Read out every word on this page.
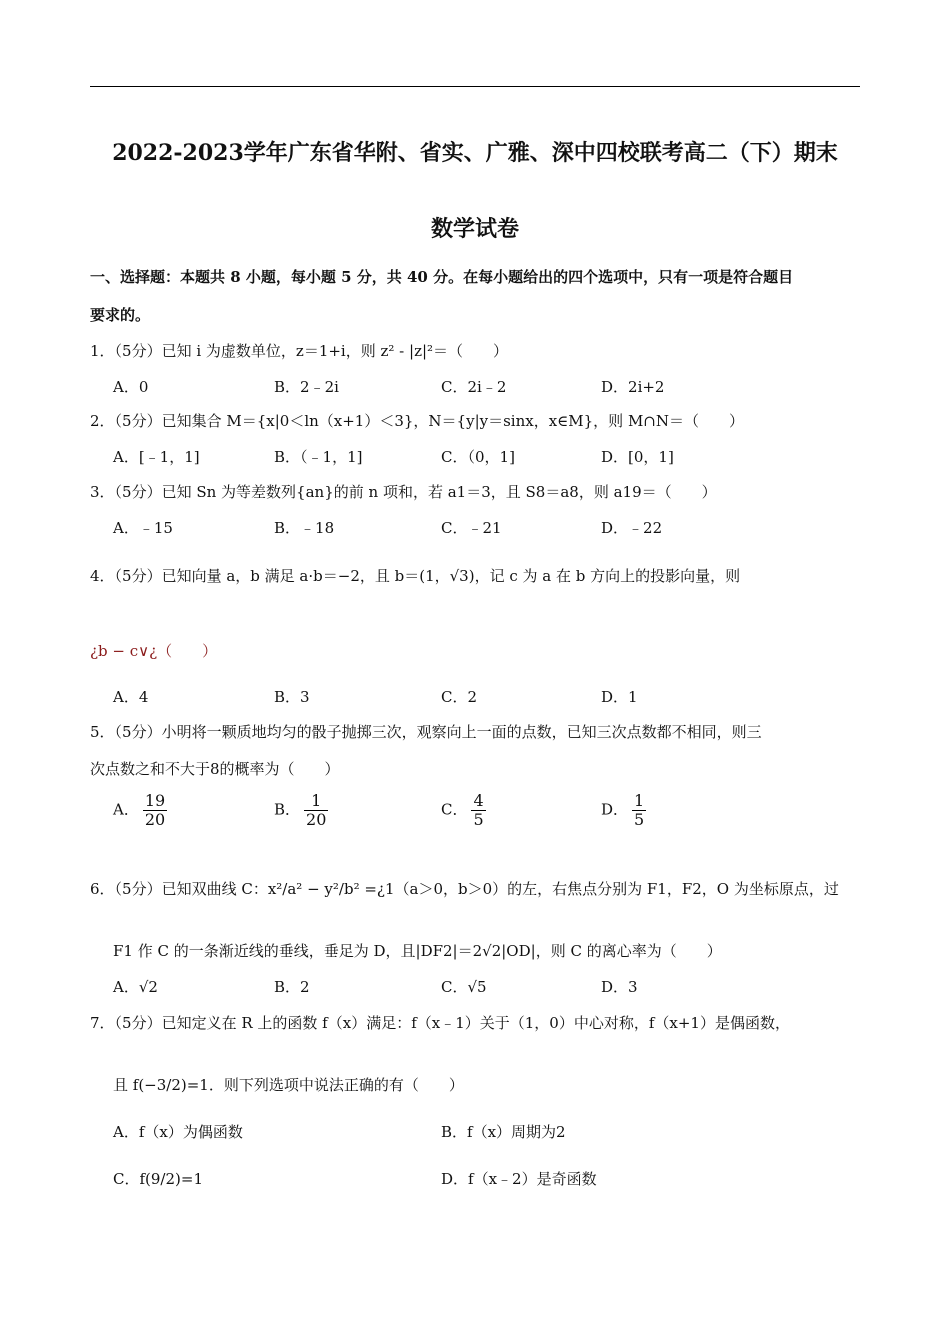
2022-2023学年广东省华附、省实、广雅、深中四校联考高二（下）期末
数学试卷
一、选择题：本题共 8 小题，每小题 5 分，共 40 分。在每小题给出的四个选项中，只有一项是符合题目
要求的。
1．（5分）已知 i 为虚数单位，z＝1+i，则 z² ‑ |z|²＝（　　）
A．0	B．2﹣2i	C．2i﹣2	D．2i+2
2．（5分）已知集合 M＝{x|0＜ln（x+1）＜3}，N＝{y|y＝sinx，x∈M}，则 M∩N＝（　　）
A．[﹣1，1]	B．（﹣1，1]	C．（0，1]	D．[0，1]
3．（5分）已知 Sn 为等差数列{an}的前 n 项和，若 a1＝3，且 S8＝a8，则 a19＝（　　）
A．﹣15	B．﹣18	C．﹣21	D．﹣22
4．（5分）已知向量 a，b 满足 a·b＝−2，且 b＝(1，√3)，记 c 为 a 在 b 方向上的投影向量，则
¿b − c∨¿（　　）
A．4	B．3	C．2	D．1
5．（5分）小明将一颗质地均匀的骰子抛掷三次，观察向上一面的点数，已知三次点数都不相同，则三
次点数之和不大于8的概率为（　　）
A． $\frac{19}{20}$	B． $\frac{1}{20}$	C． $\frac{4}{5}$	D． $\frac{1}{5}$
6．（5分）已知双曲线 C：x²/a² − y²/b² =¿1（a＞0，b＞0）的左，右焦点分别为 F1，F2，O 为坐标原点，过
F1 作 C 的一条渐近线的垂线，垂足为 D，且|DF2|＝2√2|OD|，则 C 的离心率为（　　）
A．√2	B．2	C．√5	D．3
7．（5分）已知定义在 R 上的函数 f（x）满足：f（x﹣1）关于（1，0）中心对称，f（x+1）是偶函数，
且 f(−3/2)=1．则下列选项中说法正确的有（　　）
A．f（x）为偶函数	B．f（x）周期为2
C．f(9/2)=1	D．f（x﹣2）是奇函数
